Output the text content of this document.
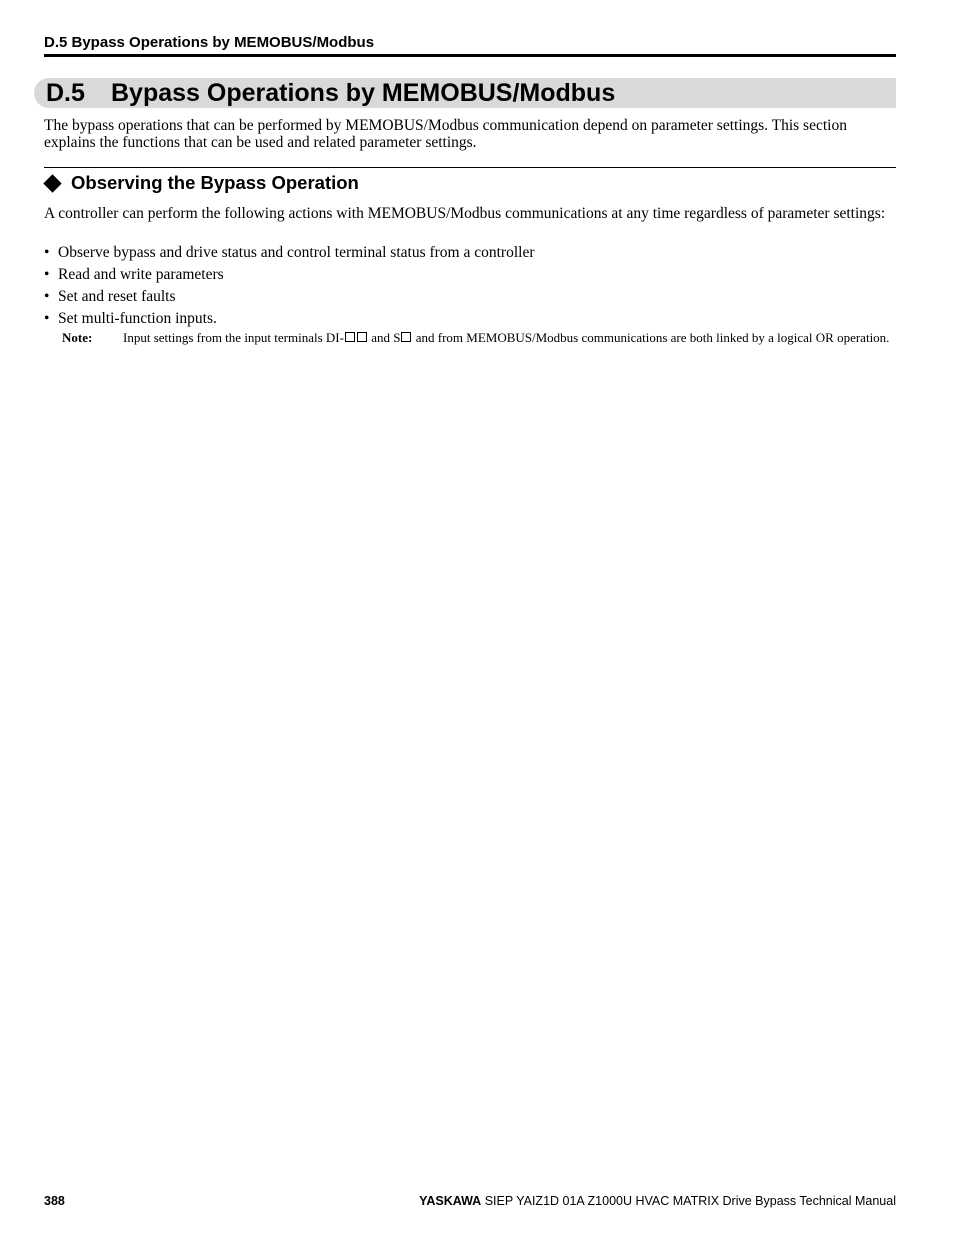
D.5 Bypass Operations by MEMOBUS/Modbus
D.5 Bypass Operations by MEMOBUS/Modbus
The bypass operations that can be performed by MEMOBUS/Modbus communication depend on parameter settings. This section explains the functions that can be used and related parameter settings.
Observing the Bypass Operation
A controller can perform the following actions with MEMOBUS/Modbus communications at any time regardless of parameter settings:
• Observe bypass and drive status and control terminal status from a controller
• Read and write parameters
• Set and reset faults
• Set multi-function inputs.
Note: Input settings from the input terminals DI- and S and from MEMOBUS/Modbus communications are both linked by a logical OR operation.
388	YASKAWA SIEP YAIZ1D 01A Z1000U HVAC MATRIX Drive Bypass Technical Manual
